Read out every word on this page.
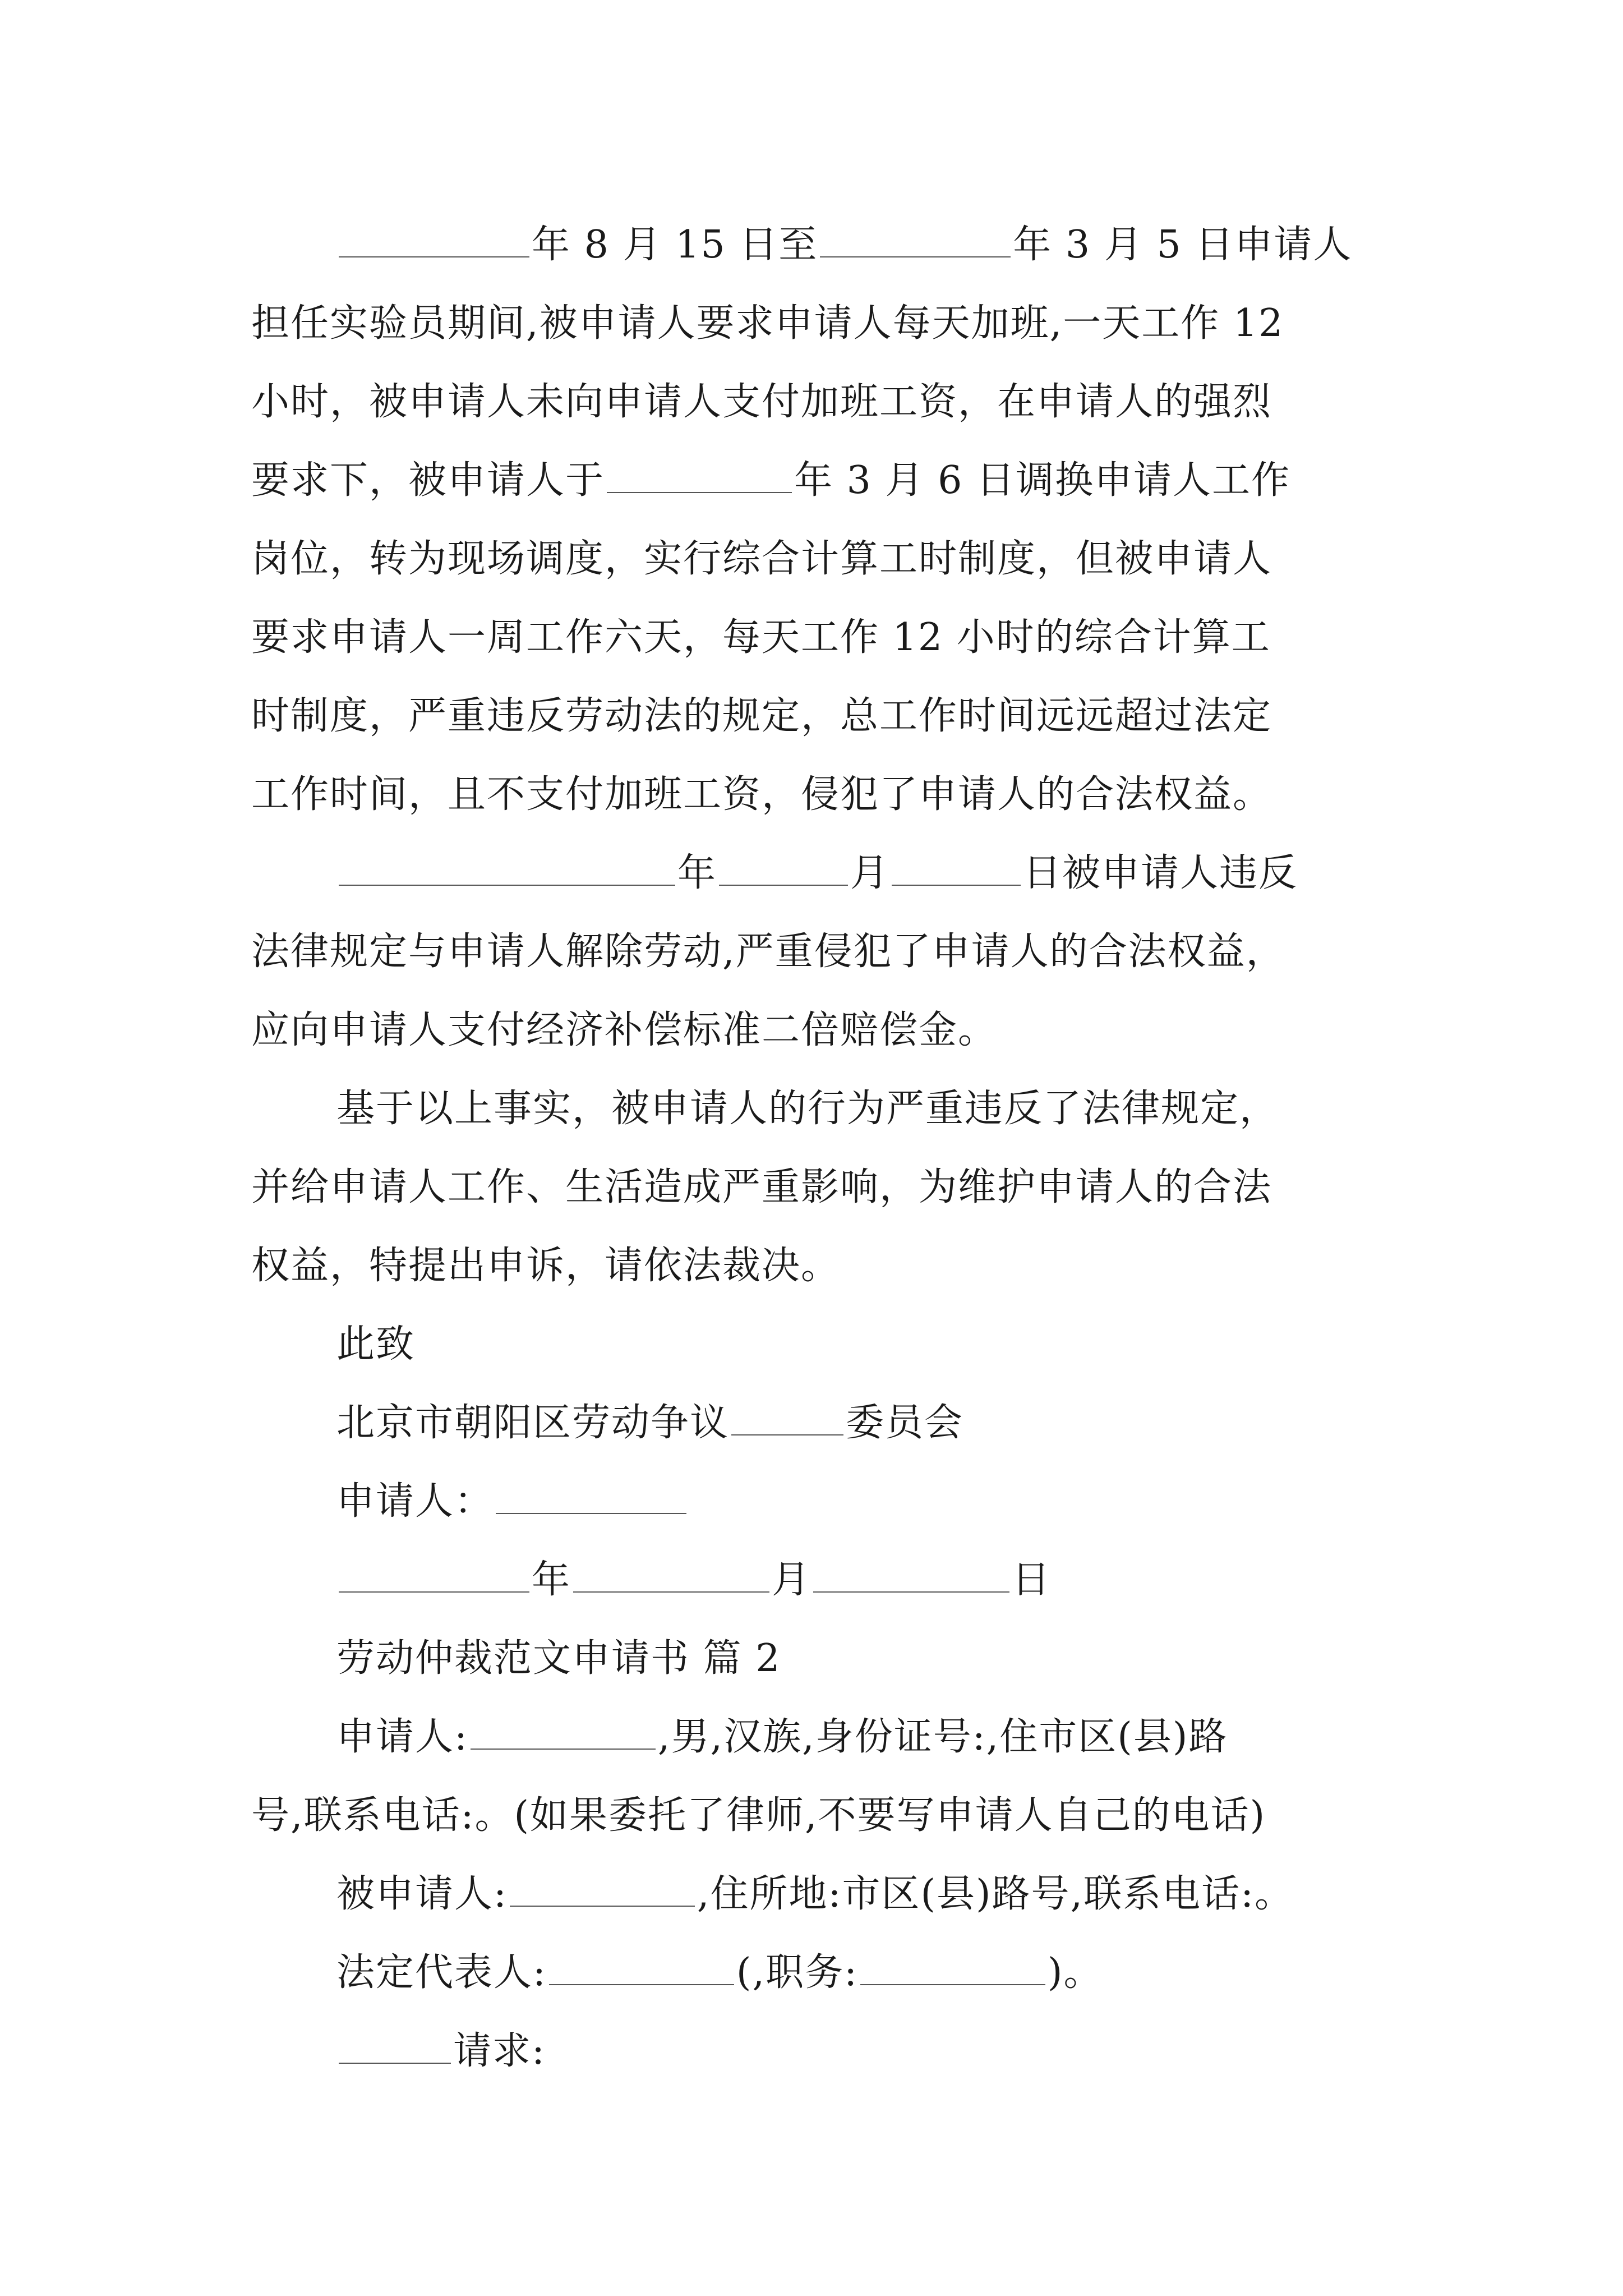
年 8 月 15 日至	年 3 月 5 日申请人
担任实验员期间,被申请人要求申请人每天加班,一天工作 12
小时，被申请人未向申请人支付加班工资，在申请人的强烈
要求下，被申请人于	年 3 月 6 日调换申请人工作
岗位，转为现场调度，实行综合计算工时制度，但被申请人
要求申请人一周工作六天，每天工作 12 小时的综合计算工
时制度，严重违反劳动法的规定，总工作时间远远超过法定
工作时间，且不支付加班工资，侵犯了申请人的合法权益。
年	月	日被申请人违反
法律规定与申请人解除劳动,严重侵犯了申请人的合法权益，
应向申请人支付经济补偿标准二倍赔偿金。
基于以上事实，被申请人的行为严重违反了法律规定，
并给申请人工作、生活造成严重影响，为维护申请人的合法
权益，特提出申诉，请依法裁决。
此致
北京市朝阳区劳动争议	委员会
申请人：
年	月	日
劳动仲裁范文申请书 篇 2
申请人:	,男,汉族,身份证号:,住市区(县)路
号,联系电话:。(如果委托了律师,不要写申请人自己的电话)
被申请人:	,住所地:市区(县)路号,联系电话:。
法定代表人:	(,职务:	)。
请求:
